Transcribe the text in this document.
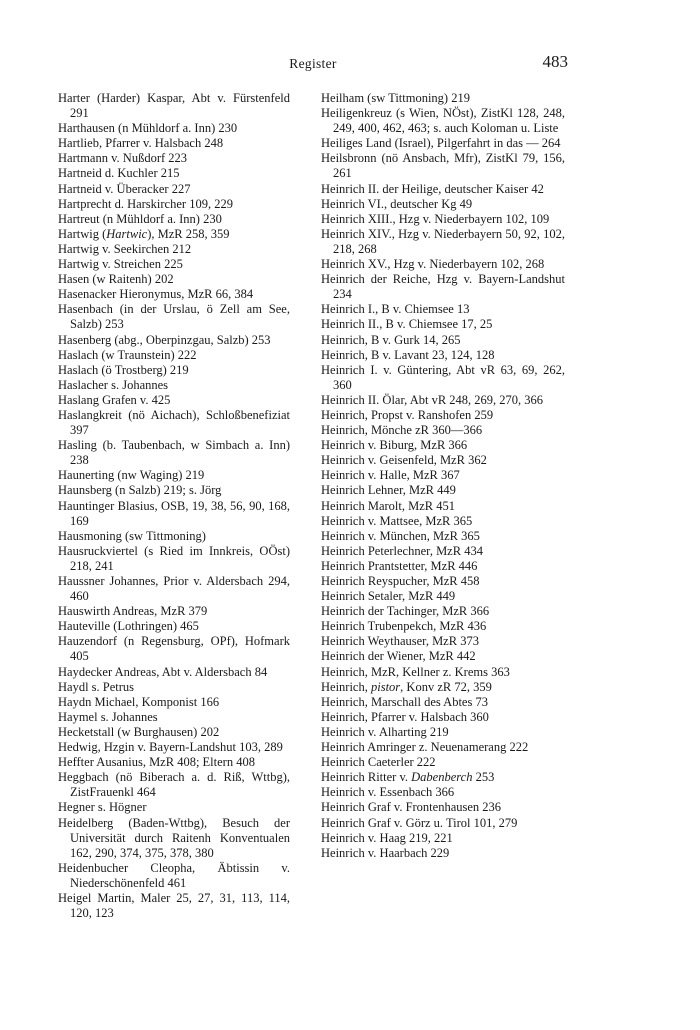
Register	483

Harter (Harder) Kaspar, Abt v. Fürstenfeld 291

Harthausen (n Mühldorf a. Inn) 230

Hartlieb, Pfarrer v. Halsbach 248

Hartmann v. Nußdorf 223

Hartneid d. Kuchler 215

Hartneid v. Überacker 227

Hartprecht d. Harskircher 109, 229

Hartreut (n Mühldorf a. Inn) 230

Hartwig (Hartwic), MzR 258, 359

Hartwig v. Seekirchen 212

Hartwig v. Streichen 225

Hasen (w Raitenh) 202

Hasenacker Hieronymus, MzR 66, 384

Hasenbach (in der Urslau, ö Zell am See, Salzb) 253

Hasenberg (abg., Oberpinzgau, Salzb) 253

Haslach (w Traunstein) 222

Haslach (ö Trostberg) 219

Haslacher s. Johannes

Haslang Grafen v. 425

Haslangkreit (nö Aichach), Schloßbenefiziat 397

Hasling (b. Taubenbach, w Simbach a. Inn) 238

Haunerting (nw Waging) 219

Haunsberg (n Salzb) 219; s. Jörg

Hauntinger Blasius, OSB, 19, 38, 56, 90, 168, 169

Hausmoning (sw Tittmoning)

Hausruckviertel (s Ried im Innkreis, OÖst) 218, 241

Haussner Johannes, Prior v. Aldersbach 294, 460

Hauswirth Andreas, MzR 379

Hauteville (Lothringen) 465

Hauzendorf (n Regensburg, OPf), Hofmark 405

Haydecker Andreas, Abt v. Aldersbach 84

Haydl s. Petrus

Haydn Michael, Komponist 166

Haymel s. Johannes

Hecketstall (w Burghausen) 202

Hedwig, Hzgin v. Bayern-Landshut 103, 289

Heffter Ausanius, MzR 408; Eltern 408

Heggbach (nö Biberach a. d. Riß, Wttbg), ZistFrauenkl 464

Hegner s. Högner

Heidelberg (Baden-Wttbg), Besuch der Universität durch Raitenh Konventualen 162, 290, 374, 375, 378, 380

Heidenbucher Cleopha, Äbtissin v. Niederschönenfeld 461

Heigel Martin, Maler 25, 27, 31, 113, 114, 120, 123

Heilham (sw Tittmoning) 219

Heiligenkreuz (s Wien, NÖst), ZistKl 128, 248, 249, 400, 462, 463; s. auch Koloman u. Liste

Heiliges Land (Israel), Pilgerfahrt in das — 264

Heilsbronn (nö Ansbach, Mfr), ZistKl 79, 156, 261

Heinrich II. der Heilige, deutscher Kaiser 42

Heinrich VI., deutscher Kg 49

Heinrich XIII., Hzg v. Niederbayern 102, 109

Heinrich XIV., Hzg v. Niederbayern 50, 92, 102, 218, 268

Heinrich XV., Hzg v. Niederbayern 102, 268

Heinrich der Reiche, Hzg v. Bayern-Landshut 234

Heinrich I., B v. Chiemsee 13

Heinrich II., B v. Chiemsee 17, 25

Heinrich, B v. Gurk 14, 265

Heinrich, B v. Lavant 23, 124, 128

Heinrich I. v. Güntering, Abt vR 63, 69, 262, 360

Heinrich II. Ölar, Abt vR 248, 269, 270, 366

Heinrich, Propst v. Ranshofen 259

Heinrich, Mönche zR 360—366

Heinrich v. Biburg, MzR 366

Heinrich v. Geisenfeld, MzR 362

Heinrich v. Halle, MzR 367

Heinrich Lehner, MzR 449

Heinrich Marolt, MzR 451

Heinrich v. Mattsee, MzR 365

Heinrich v. München, MzR 365

Heinrich Peterlechner, MzR 434

Heinrich Prantstetter, MzR 446

Heinrich Reyspucher, MzR 458

Heinrich Setaler, MzR 449

Heinrich der Tachinger, MzR 366

Heinrich Trubenpekch, MzR 436

Heinrich Weythauser, MzR 373

Heinrich der Wiener, MzR 442

Heinrich, MzR, Kellner z. Krems 363

Heinrich, pistor, Konv zR 72, 359

Heinrich, Marschall des Abtes 73

Heinrich, Pfarrer v. Halsbach 360

Heinrich v. Alharting 219

Heinrich Amringer z. Neuenamerang 222

Heinrich Caeterler 222

Heinrich Ritter v. Dabenberch 253

Heinrich v. Essenbach 366

Heinrich Graf v. Frontenhausen 236

Heinrich Graf v. Görz u. Tirol 101, 279

Heinrich v. Haag 219, 221

Heinrich v. Haarbach 229
